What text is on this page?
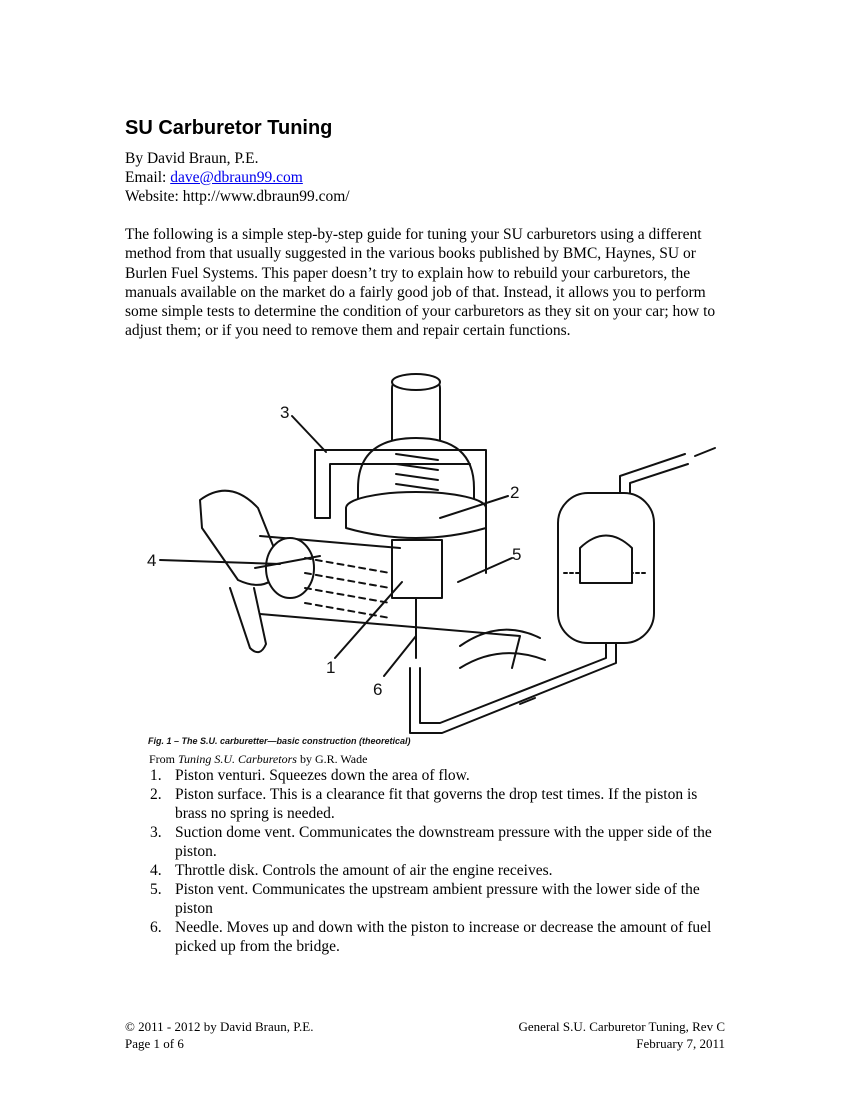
SU Carburetor Tuning
By David Braun, P.E.
Email: dave@dbraun99.com
Website: http://www.dbraun99.com/

The following is a simple step-by-step guide for tuning your SU carburetors using a different method from that usually suggested in the various books published by BMC, Haynes, SU or Burlen Fuel Systems. This paper doesn’t try to explain how to rebuild your carburetors, the manuals available on the market do a fairly good job of that. Instead, it allows you to perform some simple tests to determine the condition of your carburetors as they sit on your car; how to adjust them; or if you need to remove them and repair certain functions.

3
2
4	5
1
6
Fig. 1 – The S.U. carburetter—basic construction (theoretical)
From Tuning S.U. Carburetors by G.R. Wade
1. Piston venturi. Squeezes down the area of flow.
2. Piston surface. This is a clearance fit that governs the drop test times. If the piston is brass no spring is needed.
3. Suction dome vent. Communicates the downstream pressure with the upper side of the piston.
4. Throttle disk. Controls the amount of air the engine receives.
5. Piston vent. Communicates the upstream ambient pressure with the lower side of the piston
6. Needle. Moves up and down with the piston to increase or decrease the amount of fuel picked up from the bridge.
© 2011 - 2012 by David Braun, P.E.
Page 1 of 6
General S.U. Carburetor Tuning, Rev C
February 7, 2011
